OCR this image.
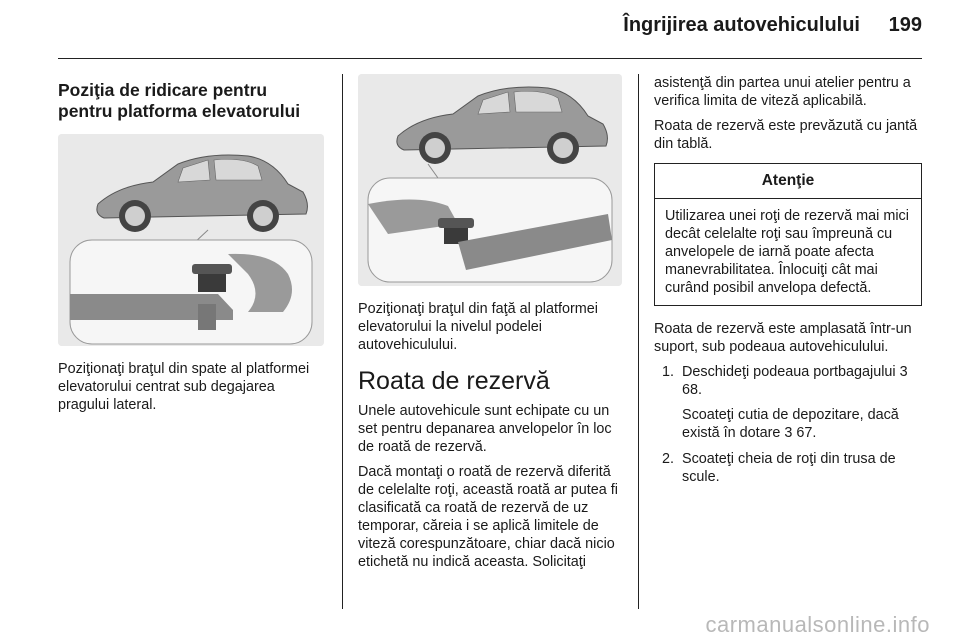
Îngrijirea autovehiculului 199
Poziţia de ridicare pentru pentru platforma elevatorului

Poziţionaţi braţul din spate al platformei elevatorului centrat sub degajarea pragului lateral.

Poziţionaţi braţul din faţă al platformei elevatorului la nivelul podelei autovehiculului.

Roata de rezervă

Unele autovehicule sunt echipate cu un set pentru depanarea anvelopelor în loc de roată de rezervă.

Dacă montaţi o roată de rezervă diferită de celelalte roţi, această roată ar putea fi clasificată ca roată de rezervă de uz temporar, căreia i se aplică limitele de viteză corespunzătoare, chiar dacă nicio etichetă nu indică aceasta. Solicitaţi

asistenţă din partea unui atelier pentru a verifica limita de viteză aplicabilă.

Roata de rezervă este prevăzută cu jantă din tablă.

Atenţie
Utilizarea unei roţi de rezervă mai mici decât celelalte roţi sau împreună cu anvelopele de iarnă poate afecta manevrabilitatea. Înlocuiţi cât mai curând posibil anvelopa defectă.

Roata de rezervă este amplasată într-un suport, sub podeaua autovehiculului.

1. Deschideţi podeaua portbagajului 3 68.

Scoateţi cutia de depozitare, dacă există în dotare 3 67.

2. Scoateţi cheia de roţi din trusa de scule.

carmanualsonline.info
